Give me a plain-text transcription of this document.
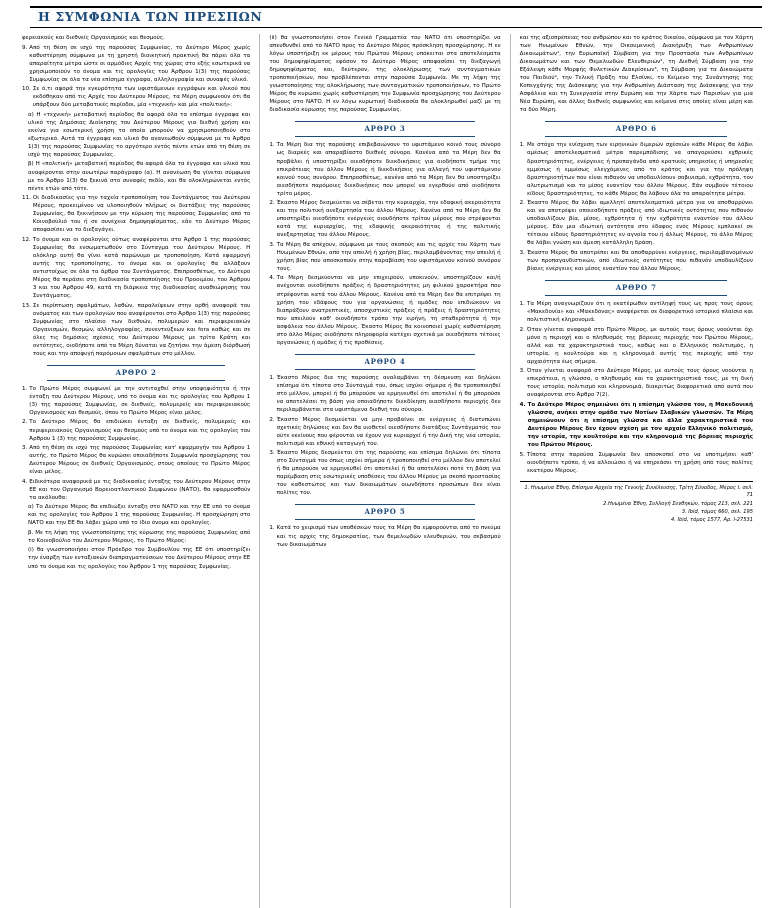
Η ΣΥΜΦΩΝΙΑ ΤΩΝ ΠΡΕΣΠΩΝ

φερειακούς και διεθνείς Οργανισμούς και θεσμούς.

9. Από τη θέση σε ισχύ της παρούσας Συμφωνίας, το Δεύτερο Μέρος χωρίς καθυστέρηση σύμφωνα με τη χρηστή διοικητική πρακτική θα πάρει όλα τα απαραίτητα μέτρα ώστε οι αρμόδιες Αρχές της χώρας στο εξής εσωτερικά να χρησιμοποιούν το όνομα και τις ορολογίες του Άρθρου 1(3) της παρούσας Συμφωνίας σε όλα τα νέα επίσημα έγγραφα, αλληλογραφία και συναφές υλικό.
10. Σε ό,τι αφορά την εγκυρότητα των υφιστάμενων εγγράφων και υλικού που εκδόθηκαν από τις Αρχές του Δεύτερου Μέρους, τα Μέρη συμφωνούν ότι θα υπάρξουν δύο μεταβατικές περίοδοι, μία «τεχνική» και μία «πολιτική»:
α) Η «τεχνική» μεταβατική περίοδος θα αφορά όλα τα επίσημα έγγραφα και υλικό της Δημόσιας Διοίκησης του Δεύτερου Μέρους για διεθνή χρήση και εκείνα για εσωτερική χρήση τα οποία μπορούν να χρησιμοποιηθούν στο εξωτερικό. Αυτά τα έγγραφα και υλικό θα ανανεωθούν σύμφωνα με το Άρθρο 1(3) της παρούσας Συμφωνίας το αργότερο εντός πέντε ετών από τη θέση σε ισχύ της παρούσας Συμφωνίας.
β) Η «πολιτική» μεταβατική περίοδος θα αφορά όλα τα έγγραφα και υλικό που αναφέρονται στην ανωτέρω παράγραφο (α). Η ανανέωση θα γίνεται σύμφωνα με το Άρθρο 1(3) θα ξεκινά στο συναφές πεδίο, και θα ολοκληρώνεται εντός πέντε ετών από τότε.
11. Οι διαδικασίες για την ταχεία τροποποίηση του Συντάγματος του Δεύτερου Μέρους, προκειμένου να υλοποιηθούν πλήρως οι διατάξεις της παρούσας Συμφωνίας, θα ξεκινήσουν με την κύρωση της παρούσας Συμφωνίας από το Κοινοβούλιό του ή σε συνέχεια δημοψηφίσματος, εάν το Δεύτερο Μέρος αποφασίσει να το διεξαγάγει.
12. Το όνομα και οι ορολογίες ούτως αναφέρονται στο Άρθρο 1 της παρούσας Συμφωνίας θα ενσωματωθούν στο Σύνταγμα του Δεύτερου Μέρους. Η ολόκληρ αυτή θα γίνει κατά παρώνυμο με τροποποίηση. Κατά εφαρμογή αυτής της τροποποίησης, το όνομα και οι ορολογίες θα αλλάξουν αντιστοίχως σε όλα τα άρθρα του Συντάγματος. Επιπροσθέτως, το Δεύτερο Μέρος θα περάσει στη διαδικασία τροποποίησης του Προοιμίου, του Άρθρου 3 και του Άρθρου 49, κατά τη διάρκεια της διαδικασίας αναθεώρησης του Συντάγματος.
13. Σε περίπτωση σφαλμάτων, λαθών, παραλείψεων στην ορθή αναφορά του ονόματος και των ορολογιών που αναφέρονται στο Άρθρο 1(3) της παρούσας Συμφωνίας στο πλαίσιο των διεθνών, πολυμερών και περιφερειακών Οργανισμών, θεσμών, αλληλογραφίας, συνεντεύξεων και fora καθώς και σε όλες τις δημόσιες σχέσεις του Δεύτερου Μέρους με τρίτα Κράτη και οντότητες, οιοδήποτε από τα Μέρη δύναται να ζητήσει την άμεση διόρθωσή τους και την αποφυγή παρόμοιων σφαλμάτων στο μέλλον.
ΑΡΘΡΟ 2
1. Το Πρώτο Μέρος συμφωνεί με την αντιταχθεί στην υποψηφιότητα ή την ένταξη του Δεύτερου Μέρους, υπό το όνομα και τις ορολογίες του Άρθρου 1 (3) της παρούσας Συμφωνίας, σε διεθνείς, πολυμερείς και περιφερειακούς Οργανισμούς και θεσμούς, όπου το Πρώτο Μέρος είναι μέλος.
2. Το Δεύτερο Μέρος θα επιδιώκει ένταξη σε διεθνείς, πολυμερείς και περιφερειακούς Οργανισμούς και θεσμούς υπό το όνομα και τις ορολογίες του Άρθρου 1 (3) της παρούσας Συμφωνίας.
3. Από τη θέση σε ισχύ της παρούσας Συμφωνίας κατ' εφαρμογήν του Άρθρου 1 αυτής, το Πρώτο Μέρος θα κυρώσει οποιαδήποτε Συμφωνία προσχώρησης του Δεύτερου Μέρους σε διεθνείς Οργανισμούς, στους οποίους το Πρώτο Μέρος είναι μέλος.
4. Ειδικότερα αναφορικά με τις διαδικασίες ένταξης του Δεύτερου Μέρους στην ΕΕ και τον Οργανισμό Βορειοατλαντικού Συμφώνου (ΝΑΤΟ), θα εφαρμοσθούν τα ακόλουθα:
α) Το Δεύτερο Μέρος θα επιδιώξει ένταξη στο ΝΑΤΟ και την ΕΕ υπό το όνομα και τις ορολογίες του Άρθρου 1 της παρούσας Συμφωνίας. Η προσχώρηση στο ΝΑΤΟ και την ΕΕ θα λάβει χώρα υπό το ίδιο όνομα και ορολογίες.
β. Με τη λήψη της γνωστοποίησης της κύρωσης της παρούσας Συμφωνίας από το Κοινοβούλιο του Δεύτερου Μέρους, το Πρώτο Μέρος:
(i) θα γνωστοποιήσει στον Πρόεδρο του Συμβουλίου της ΕΕ ότι υποστηρίζει την έναρξη των ενταξιακών διαπραγματεύσεων του Δεύτερου Μέρους στην ΕΕ υπό το όνομα και τις ορολογίες του Άρθρου 1 της παρούσας Συμφωνίας.

(ii) θα γνωστοποιήσει στον Γενικό Γραμματέα του ΝΑΤΟ ότι υποστηρίζει να απευθυνθεί από το ΝΑΤΟ προς το Δεύτερο Μέρος πρόσκληση προσχώρησης. Η εν λόγω υποστήριξη εκ μέρους του Πρώτου Μέρους υπόκειται στα αποτελέσματα του δημοψηφίσματος εφόσον το Δεύτερο Μέρος αποφασίσει τη διεξαγωγή δημοψηφίσματος και, δεύτερον, της ολοκλήρωσης των συνταγματικών τροποποιήσεων, που προβλέπονται στην παρούσα Συμφωνία. Με τη λήψη της γνωστοποίησης της ολοκλήρωσης των συνταγματικών τροποποιήσεων, το Πρώτο Μέρος θα κυρώσει χωρίς καθυστέρηση την Συμφωνία προσχώρησης του Δεύτερου Μέρους στο ΝΑΤΟ. Η εν λόγω κυρωτική διαδικασία θα ολοκληρωθεί μαζί με τη διαδικασία κύρωσης της παρούσας Συμφωνίας.

ΑΡΘΡΟ 3
1. Τα Μέρη δια της παρούσης επιβεβαιώνουν το υφιστάμενο κοινό τους σύνορο ως διαρκές και απαραβίαστο διεθνές σύνορο. Κανένα από τα Μέρη δεν θα προβάλει ή υποστηρίξει οιεσδήποτε διεκδικήσεις για οιοδήποτε τμήμα της επικράτειας του άλλου Μέρους ή διεκδικήσεις για αλλαγή του υφιστάμενου κοινού τους συνόρου. Επιπροσθέτως, κανένα από τα Μέρη δεν θα υποστηρίξει οιεσδήποτε παρόμοιες διεκδικήσεις που μπορεί να εγερθούν από οιοδήποτε τρίτο μέρος.
2. Έκαστο Μέρος δεσμεύεται να σέβεται την κυριαρχία, την εδαφική ακεραιότητα και την πολιτική ανεξαρτησία του άλλου Μέρους. Κανένα από τα Μέρη δεν θα υποστηρίξει οιεσδήποτε ενέργειες οιουδήποτε τρίτου μέρους που στρέφονται κατά της κυριαρχίας, της εδαφικής ακεραιότητας ή της πολιτικής ανεξαρτησίας του άλλου Μέρους.
3. Τα Μέρη θα απέχουν, σύμφωνα με τους σκοπούς και τις αρχές του Χάρτη των Ηνωμένων Εθνών, από την απειλή ή χρήση βίας, περιλαμβάνοντας την απειλή ή χρήση βίας που αποσκοπούν στην παραβίαση του υφιστάμενου κοινού συνόρου τους.
4. Τα Μέρη δεσμεύονται να μην επιχειρούν, υποκινούν, υποστηρίζουν και/ή ανέχονται οιεσδήποτε πράξεις ή δραστηριότητες μη φιλικού χαρακτήρα που στρέφονται κατά του άλλου Μέρους. Κανένα από τα Μέρη δεν θα επιτρέψει τη χρήση του εδάφους του για οργανώσεις ή ομάδες που επιδιώκουν να διαπράξουν ανατρεπτικές, αποσχιστικές πράξεις ή πράξεις ή δραστηριότητες που απειλούν καθ' οιονδήποτε τρόπο την ειρήνη, τη σταθερότητα ή την ασφάλεια του άλλου Μέρους. Έκαστο Μέρος θα κοινοποιεί χωρίς καθυστέρηση στο άλλο Μέρος οιοδήποτε πληροφορία κατέχει σχετικά με οιεσδήποτε τέτοιες οργανώσεις ή ομάδες ή τις προθέσεις.
ΑΡΘΡΟ 4
1. Έκαστο Μέρος δια της παρούσης αναλαμβάνει τη δέσμευση και δηλώνει επίσημα ότι τίποτα στο Σύνταγμά του, όπως ισχύει σήμερα ή θα τροποποιηθεί στο μέλλον, μπορεί ή θα μπορούσε να ερμηνευθεί ότι αποτελεί ή θα μπορούσε να αποτελέσει τη βάση για οποιαδήποτε διεκδίκηση οιασδήποτε περιοχής δεν περιλαμβάνεται στα υφιστάμενα διεθνή του σύνορα.
2. Έκαστο Μέρος δεσμεύεται να μην προβαίνει σε ενέργειες ή διατυπώνει σχετικές δηλώσεις και δεν θα υιοθετεί οιεσδήποτε διατάξεις Συντάγματός του ούτε εκείνους που φέρονται να έχουν για κυριαρχεί ή την Δική της νέα ιστορία, πολιτισμό και εθνική καταγωγή του.
3. Έκαστο Μέρος δεσμεύεται ότι της παρούσης και επίσημα δηλώνει ότι τίποτα στο Σύνταγμά του όπως ισχύει σήμερα ή τροποποιηθεί στο μέλλον δεν αποτελεί ή θα μπορούσε να ερμηνευθεί ότι αποτελεί ή θα αποτελέσει ποτέ τη βάση για παρέμβαση στις εσωτερικές υποθέσεις του άλλου Μέρους με σκοπό προστασίας του καθεστώτος και των δικαιωμάτων οιωνδήποτε προσώπων δεν είναι πολίτες του.
ΑΡΘΡΟ 5
1. Κατά το χειρισμό των υποθέσεών τους τα Μέρη θα εμφορούνται από το πνεύμα και τις αρχές της δημοκρατίας, των θεμελιωδών ελευθεριών, του σεβασμού των δικαιωμάτων

και της αξιοπρέπειας του ανθρώπου και το κράτος δικαίου, σύμφωνα με τον Χάρτη των Ηνωμένων Εθνών, την Οικουμενική Διακήρυξη των Ανθρωπίνων Δικαιωμάτων¹, την Ευρωπαϊκή Σύμβαση για την Προστασία των Ανθρωπίνων Δικαιωμάτων και των Θεμελιωδών Ελευθεριών², τη Διεθνή Σύμβαση για την Εξάλειψη κάθε Μορφής Φυλετικών Διακρίσεων³, τη Σύμβαση για τα Δικαιώματα του Παιδιού⁴, την Τελική Πράξη του Ελσίνκι, το Κείμενο της Συνάντησης της Κοπεγχάγης της Διάσκεψης για την Ανθρωπίνη Διάσταση της Διάσκεψης για την Ασφάλεια και τη Συνεργασία στην Ευρώπη και την Χάρτα των Παρισίων για μια Νέα Ευρώπη, και άλλες διεθνείς συμφωνίες και κείμενα στις οποίες είναι μέρη και τα δύο Μέρη.

ΑΡΘΡΟ 6
1. Με στόχο την ενίσχυση των ειρηνικών διμερών σχέσεών κάθε Μέρος θα λάβει αμέσως αποτελεσματικά μέτρα παρεμπόδισης να απαγορεύσει εχθρικές δραστηριότητες, ενέργειες ή προπαγάνδα από κρατικές υπηρεσίες ή υπηρεσίες εμμέσως ή εμμέσως ελεγχόμενες από το κράτος και για την πρόληψη δραστηριοτήτων που είναι πιθανόν να υποδαυλίσουν σοβινισμό, εχθρότητα, τον αλυτρωτισμό και το μίσος εναντίον του άλλου Μέρους. Εάν συμβούν τέτοιου είδους δραστηριότητες, το κάθε Μέρος θα λάβουν όλα τα απαραίτητα μέτρα.
2. Έκαστο Μέρος θα λάβει αμελλητί αποτελεσματικά μέτρα για να αποθαρρύνει και να αποτρέψει οποιεσδήποτε πράξεις από ιδιωτικές οντότητες που πιθανόν υποδαυλίζουν βία, μίσος, εχθρότητα ή την εχθρότητα εναντίον του άλλου μέρους. Εάν μια ιδιωτική οντότητα στο έδαφος ενός Μέρους εμπλακεί σε τέτοιου είδους δραστηριότητες εν αγνοία του ή άλλως Μέρους, το άλλο Μέρος θα λάβει γνώση και άμεση κατάλληλη δράση.
3. Έκαστο Μέρος θα αποτρέπει και θα αποθαρρύνει ενέργειες, περιλαμβανομένων των προπαγανδιστικών, από ιδιωτικές οντότητες που πιθανόν υποδαυλίζουν βίαιες ενέργειες και μίσος εναντίον του άλλου Μέρους.
ΑΡΘΡΟ 7
1. Τα Μέρη αναγνωρίζουν ότι η εκατέρωθεν αντίληψή τους ως προς τους όρους «Μακεδονία» και «Μακεδόνας» αναφέρεται σε διαφορετικό ιστορικό πλαίσιο και πολιτιστική κληρονομιά.
2. Όταν γίνεται αναφορά στο Πρώτο Μέρος, με αυτούς τους όρους νοούνται όχι μόνο η περιοχή και ο πληθυσμός της βόρειας περιοχής του Πρώτου Μέρους, αλλά και τα χαρακτηριστικά τους, καθώς και ο Ελληνικός πολιτισμός, η ιστορία, η κουλτούρα και η κληρονομιά αυτής της περιοχής από την αρχαιότητα έως σήμερα.
3. Όταν γίνεται αναφορά στο Δεύτερο Μέρος, με αυτούς τους όρους νοούνται η επικράτεια, η γλώσσα, ο πληθυσμός και τα χαρακτηριστικά τους, με τη δική τους ιστορία, πολιτισμό και κληρονομιά, διακριτώς διαφορετικά από αυτά που αναφέρονται στο Άρθρο 7(2).
4. Το Δεύτερο Μέρος σημειώνει ότι η επίσημη γλώσσα του, η Μακεδονική γλώσσα, ανήκει στην ομάδα των Νοτίων Σλαβικών γλωσσών. Τα Μέρη σημειώνουν ότι η επίσημη γλώσσα και άλλα χαρακτηριστικά του Δευτέρου Μέρους δεν έχουν σχέση με τον αρχαίο Ελληνικό πολιτισμό, την ιστορία, την κουλτούρα και την κληρονομιά της βόρειας περιοχής του Πρώτου Μέρους.
5. Τίποτα στην παρούσα Συμφωνία δεν αποσκοπεί στο να υποτιμήσει καθ' οιονδήποτε τρόπο, ή να αλλοιώσει ή να επηρεάσει τη χρήση από τους πολίτες εκατέρου Μέρους.
1. Ηνωμένα Έθνη, Επίσημα Αρχεία της Γενικής Συνέλευσης, Τρίτη Σύνοδος, Μέρος Ι, σελ. 71
2.Ηνωμένα Έθνη, Συλλογή Συνθηκών, τόμος 213, σελ. 221
3. Ibid, τόμος 660, σελ. 195
4. Ibid, τόμος 1577, Αρ. Ι-27531
